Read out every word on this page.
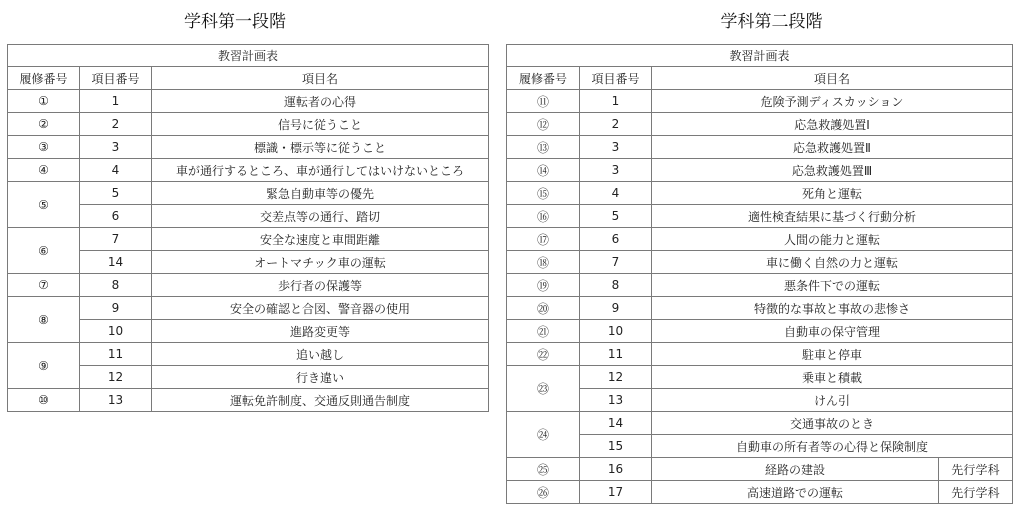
学科第一段階
教習計画表		
履修番号	項目番号	項目名
①	1	運転者の心得
②	2	信号に従うこと
③	3	標識・標示等に従うこと
④	4	車が通行するところ、車が通行してはいけないところ
⑤	5	緊急自動車等の優先
	6	交差点等の通行、踏切
⑥	7	安全な速度と車間距離
	14	オートマチック車の運転
⑦	8	歩行者の保護等
⑧	9	安全の確認と合図、警音器の使用
	10	進路変更等
⑨	11	追い越し
	12	行き違い
⑩	13	運転免許制度、交通反則通告制度
学科第二段階
教習計画表			
履修番号	項目番号	項目名	
⑪	1	危険予測ディスカッション	
⑫	2	応急救護処置Ⅰ	
⑬	3	応急救護処置Ⅱ	
⑭	3	応急救護処置Ⅲ	
⑮	4	死角と運転	
⑯	5	適性検査結果に基づく行動分析	
⑰	6	人間の能力と運転	
⑱	7	車に働く自然の力と運転	
⑲	8	悪条件下での運転	
⑳	9	特徴的な事故と事故の悲惨さ	
㉑	10	自動車の保守管理	
㉒	11	駐車と停車	
㉓	12	乗車と積載	
	13	けん引	
㉔	14	交通事故のとき	
	15	自動車の所有者等の心得と保険制度	
㉕	16	経路の建設	先行学科
㉖	17	高速道路での運転	先行学科
